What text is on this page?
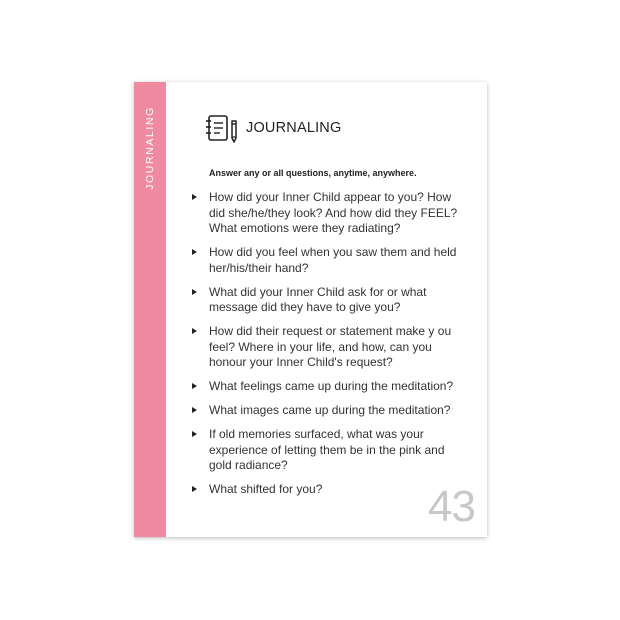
JOURNALING	JOURNALING
Answer any or all questions, anytime, anywhere.
How did your Inner Child appear to you? How did she/he/they look? And how did they FEEL? What emotions were they radiating?
How did you feel when you saw them and held her/his/their hand?
What did your Inner Child ask for or what message did they have to give you?
How did their request or statement make y ou feel? Where in your life, and how, can you honour your Inner Child's request?
What feelings came up during the meditation?
What images came up during the meditation?
If old memories surfaced, what was your experience of letting them be in the pink and gold radiance?
What shifted for you?	43
